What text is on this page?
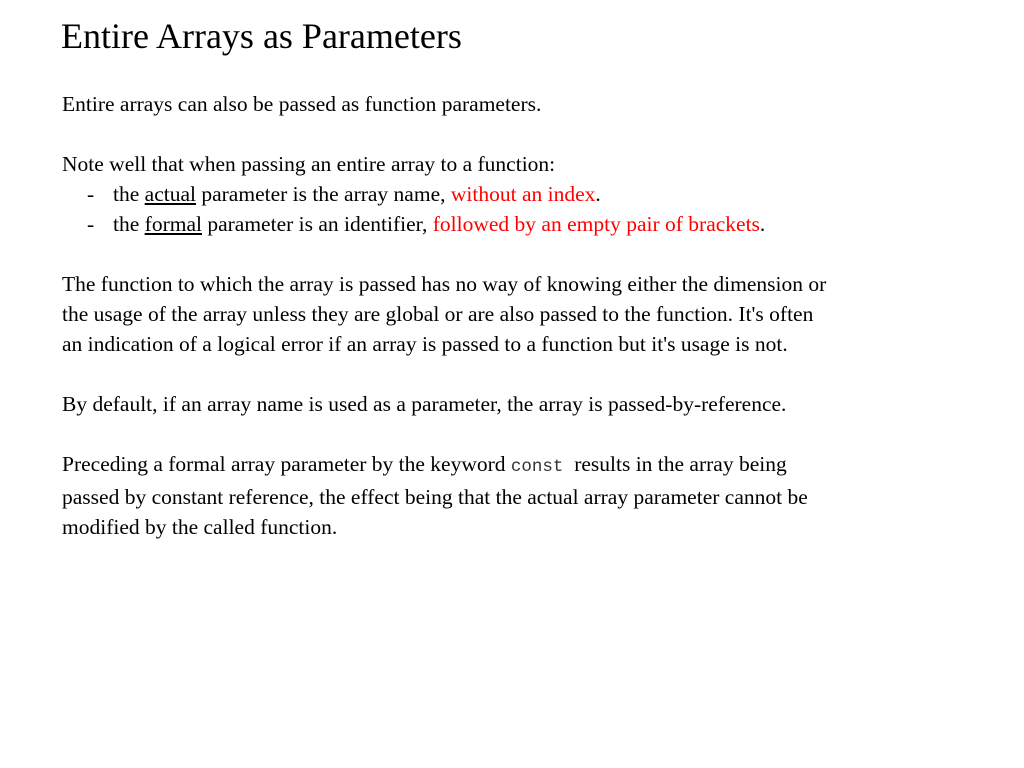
Entire Arrays as Parameters

Entire arrays can also be passed as function parameters.

Note well that when passing an entire array to a function:
- the actual parameter is the array name, without an index.
- the formal parameter is an identifier, followed by an empty pair of brackets.

The function to which the array is passed has no way of knowing either the dimension or
the usage of the array unless they are global or are also passed to the function. It's often
an indication of a logical error if an array is passed to a function but it's usage is not.

By default, if an array name is used as a parameter, the array is passed-by-reference.

Preceding a formal array parameter by the keyword const  results in the array being
passed by constant reference, the effect being that the actual array parameter cannot be
modified by the called function.
